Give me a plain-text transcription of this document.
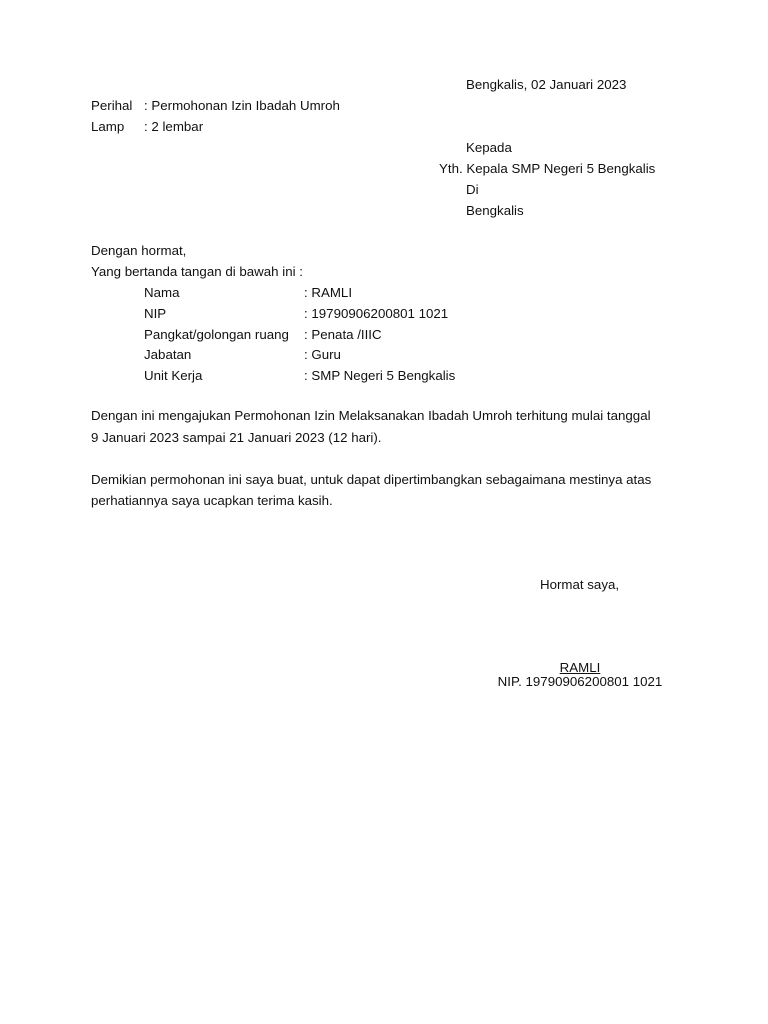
Bengkalis, 02 Januari 2023
Perihal : Permohonan Izin Ibadah Umroh
Lamp : 2 lembar
Kepada
Yth. Kepala SMP Negeri 5 Bengkalis
Di
Bengkalis
Dengan hormat,
Yang bertanda tangan di bawah ini :
Nama	: RAMLI
NIP	: 19790906200801 1021
Pangkat/golongan ruang : Penata /IIIC
Jabatan	: Guru
Unit Kerja	: SMP Negeri 5 Bengkalis
Dengan ini mengajukan Permohonan Izin Melaksanakan Ibadah Umroh terhitung mulai tanggal
9 Januari 2023 sampai 21 Januari 2023 (12 hari).
Demikian permohonan ini saya buat, untuk dapat dipertimbangkan sebagaimana mestinya atas
perhatiannya saya ucapkan terima kasih.
Hormat saya,
RAMLI
NIP. 19790906200801 1021
